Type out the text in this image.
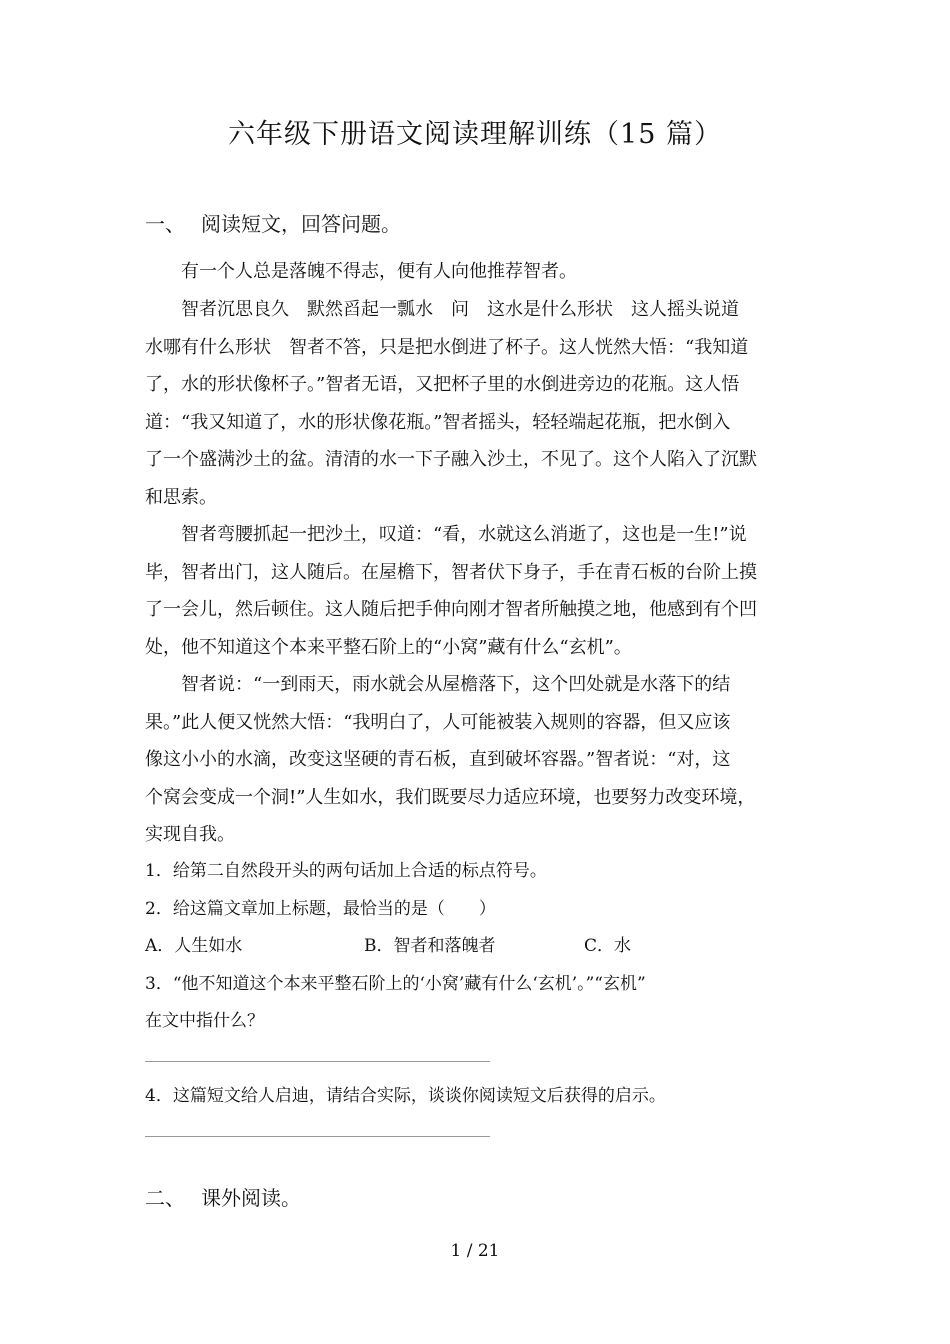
六年级下册语文阅读理解训练（15 篇）
一、 阅读短文，回答问题。

有一个人总是落魄不得志，便有人向他推荐智者。

智者沉思良久　默然舀起一瓢水　问　这水是什么形状　这人摇头说道
水哪有什么形状　智者不答，只是把水倒进了杯子。这人恍然大悟：“我知道
了，水的形状像杯子。”智者无语，又把杯子里的水倒进旁边的花瓶。这人悟
道：“我又知道了，水的形状像花瓶。”智者摇头，轻轻端起花瓶，把水倒入
了一个盛满沙土的盆。清清的水一下子融入沙土，不见了。这个人陷入了沉默
和思索。

智者弯腰抓起一把沙土，叹道：“看，水就这么消逝了，这也是一生!”说
毕，智者出门，这人随后。在屋檐下，智者伏下身子，手在青石板的台阶上摸
了一会儿，然后顿住。这人随后把手伸向刚才智者所触摸之地，他感到有个凹
处，他不知道这个本来平整石阶上的“小窝”藏有什么“玄机”。

智者说：“一到雨天，雨水就会从屋檐落下，这个凹处就是水落下的结
果。”此人便又恍然大悟：“我明白了，人可能被装入规则的容器，但又应该
像这小小的水滴，改变这坚硬的青石板，直到破坏容器。”智者说：“对，这
个窝会变成一个洞!”人生如水，我们既要尽力适应环境，也要努力改变环境，
实现自我。

1．给第二自然段开头的两句话加上合适的标点符号。
2．给这篇文章加上标题，最恰当的是（　　）
A．人生如水	B．智者和落魄者	C．水
3．“他不知道这个本来平整石阶上的‘小窝’藏有什么‘玄机’。”“玄机”
在文中指什么？
4．这篇短文给人启迪，请结合实际，谈谈你阅读短文后获得的启示。
二、 课外阅读。
1 / 21
